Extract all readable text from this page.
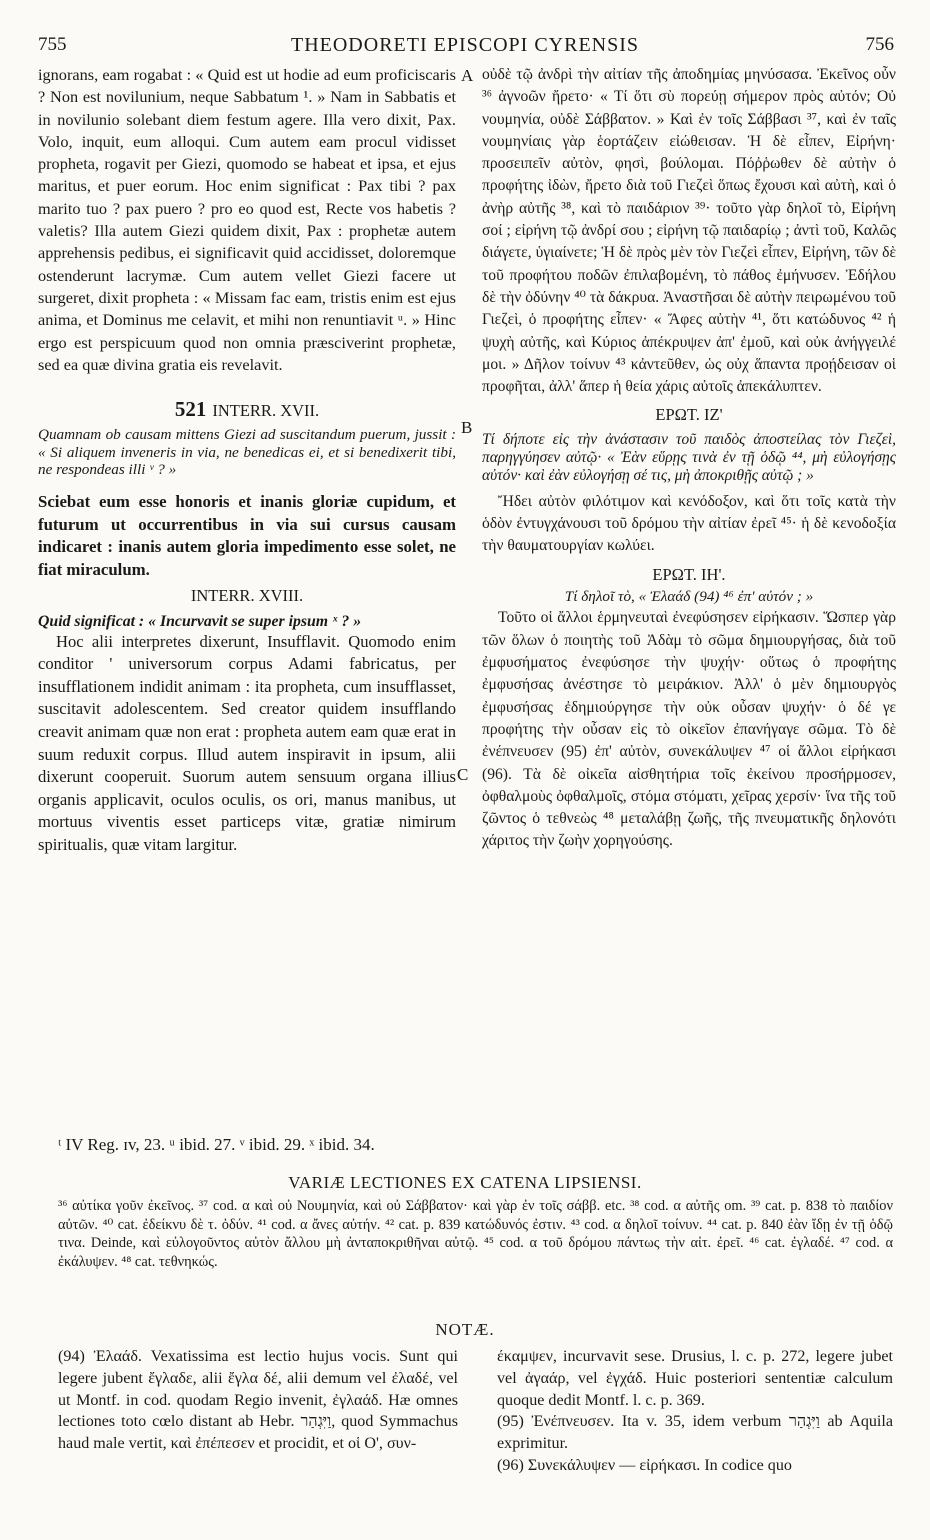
755	THEODORETI EPISCOPI CYRENSIS	756
A
B
C

ignorans, eam rogabat : « Quid est ut hodie ad eum proficiscaris ? Non est novilunium, neque Sabbatum ¹. » Nam in Sabbatis et in novilunio solebant diem festum agere. Illa vero dixit, Pax. Volo, inquit, eum alloqui. Cum autem eam procul vidisset propheta, rogavit per Giezi, quomodo se habeat et ipsa, et ejus maritus, et puer eorum. Hoc enim significat : Pax tibi ? pax marito tuo ? pax puero ? pro eo quod est, Recte vos habetis ? valetis? Illa autem Giezi quidem dixit, Pax : prophetæ autem apprehensis pedibus, ei significavit quid accidisset, doloremque ostenderunt lacrymæ. Cum autem vellet Giezi facere ut surgeret, dixit propheta : « Missam fac eam, tristis enim est ejus anima, et Dominus me celavit, et mihi non renuntiavit ᵘ. » Hinc ergo est perspicuum quod non omnia præsciverint prophetæ, sed ea quæ divina gratia eis revelavit.

521 INTERR. XVII.

Quamnam ob causam mittens Giezi ad suscitandum puerum, jussit : « Si aliquem inveneris in via, ne benedicas ei, et si benedixerit tibi, ne respondeas illi ᵛ ? »

Sciebat eum esse honoris et inanis gloriæ cupidum, et futurum ut occurrentibus in via sui cursus causam indicaret : inanis autem gloria impedimento esse solet, ne fiat miraculum.

INTERR. XVIII.

Quid significat : « Incurvavit se super ipsum ˣ ? »

Hoc alii interpretes dixerunt, Insufflavit. Quomodo enim conditor ' universorum corpus Adami fabricatus, per insufflationem indidit animam : ita propheta, cum insufflasset, suscitavit adolescentem. Sed creator quidem insufflando creavit animam quæ non erat : propheta autem eam quæ erat in suum reduxit corpus. Illud autem inspiravit in ipsum, alii dixerunt cooperuit. Suorum autem sensuum organa illius organis applicavit, oculos oculis, os ori, manus manibus, ut mortuus viventis esset particeps vitæ, gratiæ nimirum spiritualis, quæ vitam largitur.

οὐδὲ τῷ ἀνδρὶ τὴν αἰτίαν τῆς ἀποδημίας μηνύσασα. Ἐκεῖνος οὖν ³⁶ ἀγνοῶν ἤρετο· « Τί ὅτι σὺ πορεύῃ σήμερον πρὸς αὐτόν; Οὐ νουμηνία, οὐδὲ Σάββατον. » Καὶ ἐν τοῖς Σάββασι ³⁷, καὶ ἐν ταῖς νουμηνίαις γὰρ ἑορτάζειν εἰώθεισαν. Ἡ δὲ εἶπεν, Εἰρήνη· προσειπεῖν αὐτὸν, φησὶ, βούλομαι. Πόῤῥωθεν δὲ αὐτὴν ὁ προφήτης ἰδὼν, ἤρετο διὰ τοῦ Γιεζεὶ ὅπως ἔχουσι καὶ αὐτὴ, καὶ ὁ ἀνὴρ αὐτῆς ³⁸, καὶ τὸ παιδάριον ³⁹· τοῦτο γὰρ δηλοῖ τὸ, Εἰρήνη σοί ; εἰρήνη τῷ ἀνδρί σου ; εἰρήνη τῷ παιδαρίῳ ; ἀντὶ τοῦ, Καλῶς διάγετε, ὑγιαίνετε; Ἡ δὲ πρὸς μὲν τὸν Γιεζεὶ εἶπεν, Εἰρήνη, τῶν δὲ τοῦ προφήτου ποδῶν ἐπιλαβομένη, τὸ πάθος ἐμήνυσεν. Ἐδήλου δὲ τὴν ὀδύνην ⁴⁰ τὰ δάκρυα. Ἀναστῆσαι δὲ αὐτὴν πειρωμένου τοῦ Γιεζεὶ, ὁ προφήτης εἶπεν· « Ἄφες αὐτὴν ⁴¹, ὅτι κατώδυνος ⁴² ἡ ψυχὴ αὐτῆς, καὶ Κύριος ἀπέκρυψεν ἀπ' ἐμοῦ, καὶ οὐκ ἀνήγγειλέ μοι. » Δῆλον τοίνυν ⁴³ κἀντεῦθεν, ὡς οὐχ ἅπαντα προῄδεισαν οἱ προφῆται, ἀλλ' ἅπερ ἡ θεία χάρις αὐτοῖς ἀπεκάλυπτεν.

ΕΡΩΤ. ΙΖ'

Τί δήποτε εἰς τὴν ἀνάστασιν τοῦ παιδὸς ἀποστείλας τὸν Γιεζεὶ, παρηγγύησεν αὐτῷ· « Ἐὰν εὕρῃς τινὰ ἐν τῇ ὁδῷ ⁴⁴, μὴ εὐλογήσῃς αὐτόν· καὶ ἐὰν εὐλογήσῃ σέ τις, μὴ ἀποκριθῇς αὐτῷ ; »

Ἤδει αὐτὸν φιλότιμον καὶ κενόδοξον, καὶ ὅτι τοῖς κατὰ τὴν ὁδὸν ἐντυγχάνουσι τοῦ δρόμου τὴν αἰτίαν ἐρεῖ ⁴⁵· ἡ δὲ κενοδοξία τὴν θαυματουργίαν κωλύει.

ΕΡΩΤ. ΙΗ'.

Τί δηλοῖ τὸ, « Ἐλαάδ (94) ⁴⁶ ἐπ' αὐτόν ; »

Τοῦτο οἱ ἄλλοι ἑρμηνευταὶ ἐνεφύσησεν εἰρήκασιν. Ὥσπερ γὰρ τῶν ὅλων ὁ ποιητὴς τοῦ Ἀδὰμ τὸ σῶμα δημιουργήσας, διὰ τοῦ ἐμφυσήματος ἐνεφύσησε τὴν ψυχήν· οὕτως ὁ προφήτης ἐμφυσήσας ἀνέστησε τὸ μειράκιον. Ἀλλ' ὁ μὲν δημιουργὸς ἐμφυσήσας ἐδημιούργησε τὴν οὐκ οὖσαν ψυχήν· ὁ δέ γε προφήτης τὴν οὖσαν εἰς τὸ οἰκεῖον ἐπανήγαγε σῶμα. Τὸ δὲ ἐνέπνευσεν (95) ἐπ' αὐτὸν, συνεκάλυψεν ⁴⁷ οἱ ἄλλοι εἰρήκασι (96). Τὰ δὲ οἰκεῖα αἰσθητήρια τοῖς ἐκείνου προσήρμοσεν, ὀφθαλμοὺς ὀφθαλμοῖς, στόμα στόματι, χεῖρας χερσίν· ἵνα τῆς τοῦ ζῶντος ὁ τεθνεὼς ⁴⁸ μεταλάβῃ ζωῆς, τῆς πνευματικῆς δηλονότι χάριτος τὴν ζωὴν χορηγούσης.

ᵗ IV Reg. ɪv, 23. ᵘ ibid. 27. ᵛ ibid. 29. ˣ ibid. 34.
VARIÆ LECTIONES EX CATENA LIPSIENSI.
³⁶ αὐτίκα γοῦν ἐκεῖνος. ³⁷ cod. α καὶ οὐ Νουμηνία, καὶ οὐ Σάββατον· καὶ γὰρ ἐν τοῖς σάββ. etc. ³⁸ cod. α αὐτῆς om. ³⁹ cat. p. 838 τὸ παιδίον αὐτῶν. ⁴⁰ cat. ἐδείκνυ δὲ τ. ὀδύν. ⁴¹ cod. α ἄνες αὐτήν. ⁴² cat. p. 839 κατώδυνός ἐστιν. ⁴³ cod. α δηλοῖ τοίνυν. ⁴⁴ cat. p. 840 ἐὰν ἴδῃ ἐν τῇ ὁδῷ τινα. Deinde, καὶ εὐλογοῦντος αὐτὸν ἄλλου μὴ ἀνταποκριθῆναι αὐτῷ. ⁴⁵ cod. α τοῦ δρόμου πάντως τὴν αἰτ. ἐρεῖ. ⁴⁶ cat. ἐγλαδέ. ⁴⁷ cod. α ἐκάλυψεν. ⁴⁸ cat. τεθνηκώς.
NOTÆ.

(94) Ἐλαάδ. Vexatissima est lectio hujus vocis. Sunt qui legere jubent ἔγλαδε, alii ἔγλα δέ, alii demum vel ἐλαδέ, vel ut Montf. in cod. quodam Regio invenit, ἐγλαάδ. Hæ omnes lectiones toto cœlo distant ab Hebr. וַיִּגְהַר, quod Symmachus haud male vertit, καὶ ἐπέπεσεν et procidit, et οἱ Ο', συν-

έκαμψεν, incurvavit sese. Drusius, l. c. p. 272, legere jubet vel ἀγαάρ, vel ἐγχάδ. Huic posteriori sententiæ calculum quoque dedit Montf. l. c. p. 369.

(95) Ἐνέπνευσεν. Ita v. 35, idem verbum וַיִּגְהַר ab Aquila exprimitur.

(96) Συνεκάλυψεν — εἰρήκασι. In codice quo
